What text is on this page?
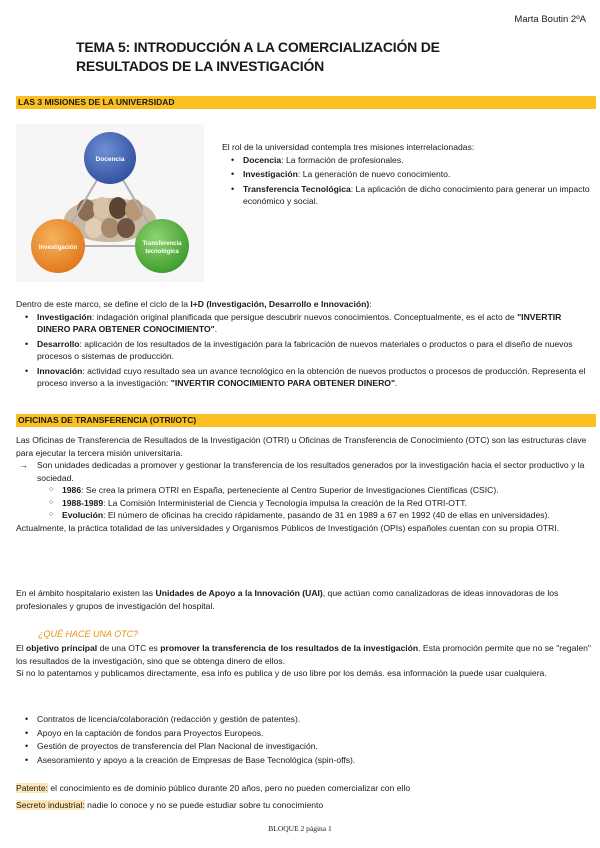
Marta Boutin 2ºA
TEMA 5: INTRODUCCIÓN A LA COMERCIALIZACIÓN DE
RESULTADOS DE LA INVESTIGACIÓN
LAS 3 MISIONES DE LA UNIVERSIDAD
Docencia
Investigación
Transferencia
tecnológica

El rol de la universidad contempla tres misiones interrelacionadas:

• Docencia: La formación de profesionales.
• Investigación: La generación de nuevo conocimiento.
• Transferencia Tecnológica: La aplicación de dicho conocimiento para generar un impacto económico y social.

Dentro de este marco, se define el ciclo de la I+D (Investigación, Desarrollo e Innovación):

• Investigación: indagación original planificada que persigue descubrir nuevos conocimientos. Conceptualmente, es el acto de "INVERTIR DINERO PARA OBTENER CONOCIMIENTO".
• Desarrollo: aplicación de los resultados de la investigación para la fabricación de nuevos materiales o productos o para el diseño de nuevos procesos o sistemas de producción.
• Innovación: actividad cuyo resultado sea un avance tecnológico en la obtención de nuevos productos o procesos de producción. Representa el proceso inverso a la investigación: "INVERTIR CONOCIMIENTO PARA OBTENER DINERO".
OFICINAS DE TRANSFERENCIA (OTRI/OTC)

Las Oficinas de Transferencia de Resultados de la Investigación (OTRI) u Oficinas de Transferencia de Conocimiento (OTC) son las estructuras clave para ejecutar la tercera misión universitaria.

→ Son unidades dedicadas a promover y gestionar la transferencia de los resultados generados por la investigación hacia el sector productivo y la sociedad.
○ 1986: Se crea la primera OTRI en España, perteneciente al Centro Superior de Investigaciones Científicas (CSIC).
○ 1988-1989: La Comisión Interministerial de Ciencia y Tecnología impulsa la creación de la Red OTRI-OTT.
○ Evolución: El número de oficinas ha crecido rápidamente, pasando de 31 en 1989 a 67 en 1992 (40 de ellas en universidades).

Actualmente, la práctica totalidad de las universidades y Organismos Públicos de Investigación (OPIs) españoles cuentan con su propia OTRI.

En el ámbito hospitalario existen las Unidades de Apoyo a la Innovación (UAI), que actúan como canalizadoras de ideas innovadoras de los profesionales y grupos de investigación del hospital.

¿QUÉ HACE UNA OTC?

El objetivo principal de una OTC es promover la transferencia de los resultados de la investigación. Esta promoción permite que no se "regalen" los resultados de la investigación, sino que se obtenga dinero de ellos.

Si no lo patentamos y publicamos directamente, esa info es publica y de uso libre por los demás. esa información la puede usar cualquiera.

• Contratos de licencia/colaboración (redacción y gestión de patentes).
• Apoyo en la captación de fondos para Proyectos Europeos.
• Gestión de proyectos de transferencia del Plan Nacional de investigación.
• Asesoramiento y apoyo a la creación de Empresas de Base Tecnológica (spin-offs).
Patente: el conocimiento es de dominio público durante 20 años, pero no pueden comercializar con ello
Secreto industrial: nadie lo conoce y no se puede estudiar sobre tu conocimiento
BLOQUE 2 página 1
